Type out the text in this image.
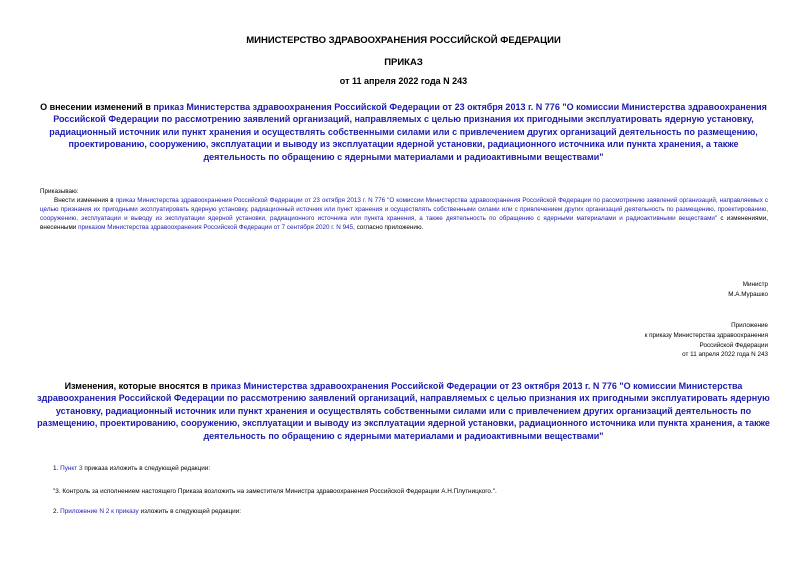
МИНИСТЕРСТВО ЗДРАВООХРАНЕНИЯ РОССИЙСКОЙ ФЕДЕРАЦИИ
ПРИКАЗ
от 11 апреля 2022 года N 243
О внесении изменений в приказ Министерства здравоохранения Российской Федерации от 23 октября 2013 г. N 776 "О комиссии Министерства здравоохранения Российской Федерации по рассмотрению заявлений организаций, направляемых с целью признания их пригодными эксплуатировать ядерную установку, радиационный источник или пункт хранения и осуществлять собственными силами или с привлечением других организаций деятельность по размещению, проектированию, сооружению, эксплуатации и выводу из эксплуатации ядерной установки, радиационного источника или пункта хранения, а также деятельность по обращению с ядерными материалами и радиоактивными веществами"
Приказываю:
Внести изменения в приказ Министерства здравоохранения Российской Федерации от 23 октября 2013 г. N 776 "О комиссии Министерства здравоохранения Российской Федерации по рассмотрению заявлений организаций, направляемых с целью признания их пригодными эксплуатировать ядерную установку, радиационный источник или пункт хранения и осуществлять собственными силами или с привлечением других организаций деятельность по размещению, проектированию, сооружению, эксплуатации и выводу из эксплуатации ядерной установки, радиационного источника или пункта хранения, а также деятельность по обращению с ядерными материалами и радиоактивными веществами" с изменениями, внесенными приказом Министерства здравоохранения Российской Федерации от 7 сентября 2020 г. N 945, согласно приложению.
Министр
М.А.Мурашко
Приложение
к приказу Министерства здравоохранения
Российской Федерации
от 11 апреля 2022 года N 243
Изменения, которые вносятся в приказ Министерства здравоохранения Российской Федерации от 23 октября 2013 г. N 776 "О комиссии Министерства здравоохранения Российской Федерации по рассмотрению заявлений организаций, направляемых с целью признания их пригодными эксплуатировать ядерную установку, радиационный источник или пункт хранения и осуществлять собственными силами или с привлечением других организаций деятельность по размещению, проектированию, сооружению, эксплуатации и выводу из эксплуатации ядерной установки, радиационного источника или пункта хранения, а также деятельность по обращению с ядерными материалами и радиоактивными веществами"
1. Пункт 3 приказа изложить в следующей редакции:
"3. Контроль за исполнением настоящего Приказа возложить на заместителя Министра здравоохранения Российской Федерации А.Н.Плутницкого.".
2. Приложение N 2 к приказу изложить в следующей редакции:
